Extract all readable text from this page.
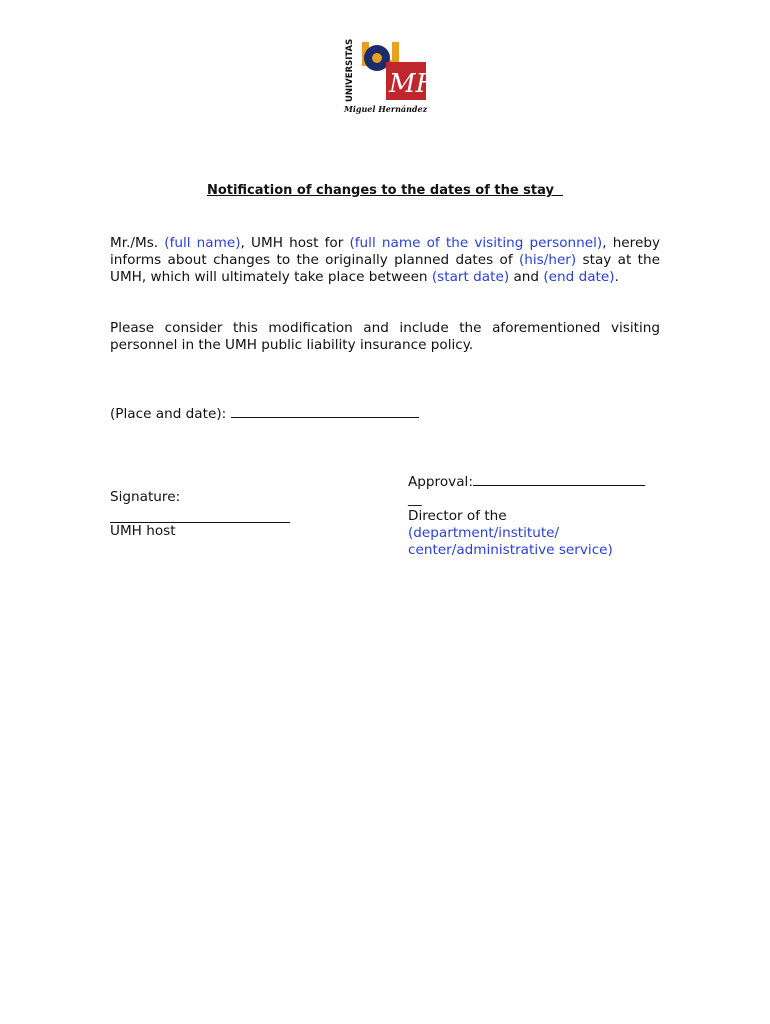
MH
UNIVERSITAS
Miguel Hernández
Notification of changes to the dates of the stay
Mr./Ms. (full name), UMH host for (full name of the visiting personnel), hereby informs about changes to the originally planned dates of (his/her) stay at the UMH, which will ultimately take place between (start date) and (end date).
Please consider this modification and include the aforementioned visiting personnel in the UMH public liability insurance policy.
(Place and date):
Signature:
UMH host
Approval:
__
Director of the
(department/institute/
center/administrative service)
